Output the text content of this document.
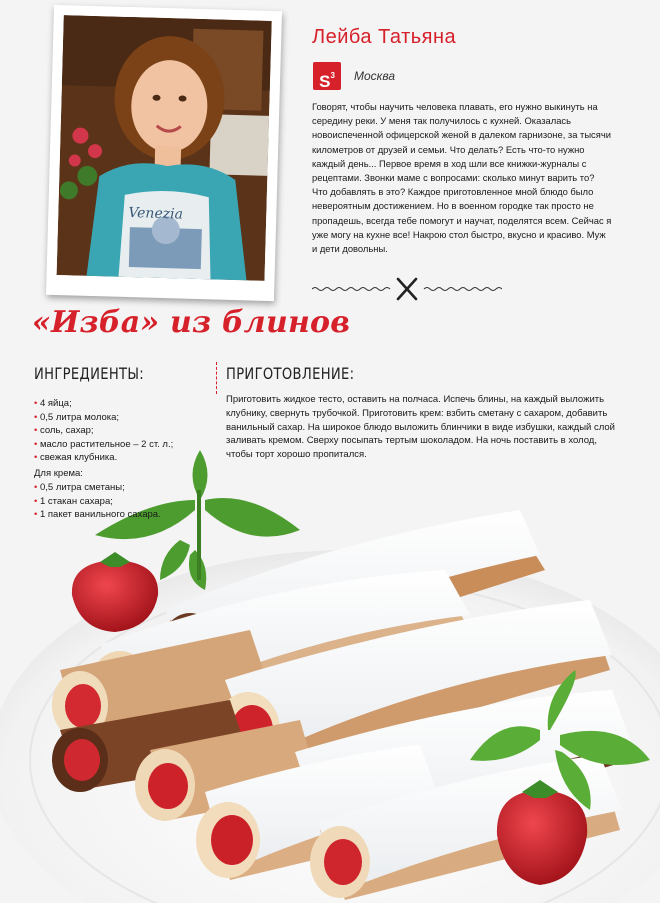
Venezia
Лейба Татьяна
$S^3$	Москва
Говорят, чтобы научить человека плавать, его нужно выкинуть на середину реки. У меня так получилось с кухней. Оказалась новоиспеченной офицерской женой в далеком гарнизоне, за тысячи километров от друзей и семьи. Что делать? Есть что-то нужно каждый день... Первое время в ход шли все книжки-журналы с рецептами. Звонки маме с вопросами: сколько минут варить то? Что добавлять в это? Каждое приготовленное мной блюдо было невероятным достижением. Но в военном городке так просто не пропадешь, всегда тебе помогут и научат, поделятся всем. Сейчас я уже могу на кухне все! Накрою стол быстро, вкусно и красиво. Муж и дети довольны.
«Изба» из блинов
ИНГРЕДИЕНТЫ:	ПРИГОТОВЛЕНИЕ:
• 4 яйца;
• 0,5 литра молока;
• соль, сахар;
• масло растительное – 2 ст. л.;
• свежая клубника.
Для крема:
• 0,5 литра сметаны;
• 1 стакан сахара;
• 1 пакет ванильного сахара.
Приготовить жидкое тесто, оставить на полчаса. Испечь блины, на каждый выложить клубнику, свернуть трубочкой. Приготовить крем: взбить сметану с сахаром, добавить ванильный сахар. На широкое блюдо выложить блинчики в виде избушки, каждый слой заливать кремом. Сверху посыпать тертым шоколадом. На ночь поставить в холод, чтобы торт хорошо пропитался.
